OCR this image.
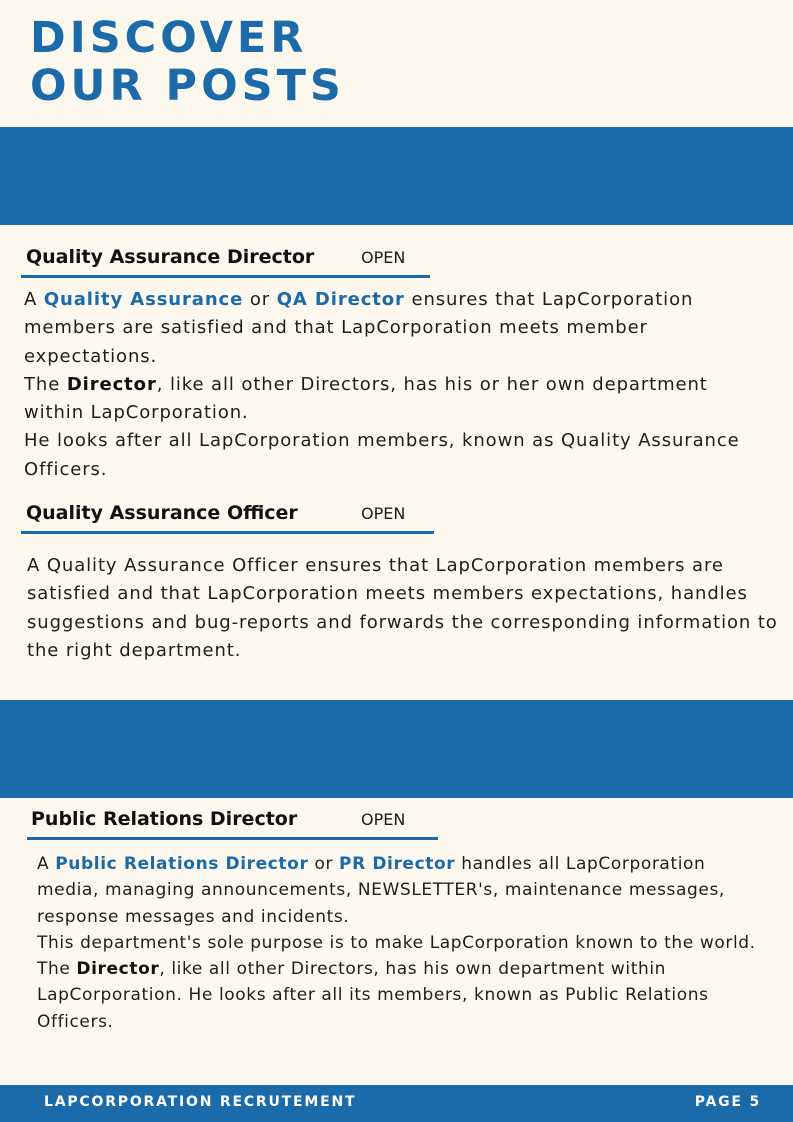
DISCOVER
OUR POSTS
Quality Assurance Director	OPEN

A Quality Assurance or QA Director ensures that LapCorporation members are satisfied and that LapCorporation meets member expectations.
The Director, like all other Directors, has his or her own department within LapCorporation.
He looks after all LapCorporation members, known as Quality Assurance Officers.

Quality Assurance Officer	OPEN

A Quality Assurance Officer ensures that LapCorporation members are satisfied and that LapCorporation meets members expectations, handles suggestions and bug-reports and forwards the corresponding information to the right department.

Public Relations Director	OPEN

A Public Relations Director or PR Director handles all LapCorporation media, managing announcements, NEWSLETTER's, maintenance messages, response messages and incidents.
This department's sole purpose is to make LapCorporation known to the world.
The Director, like all other Directors, has his own department within LapCorporation. He looks after all its members, known as Public Relations Officers.

LAPCORPORATION RECRUTEMENT	PAGE 5
